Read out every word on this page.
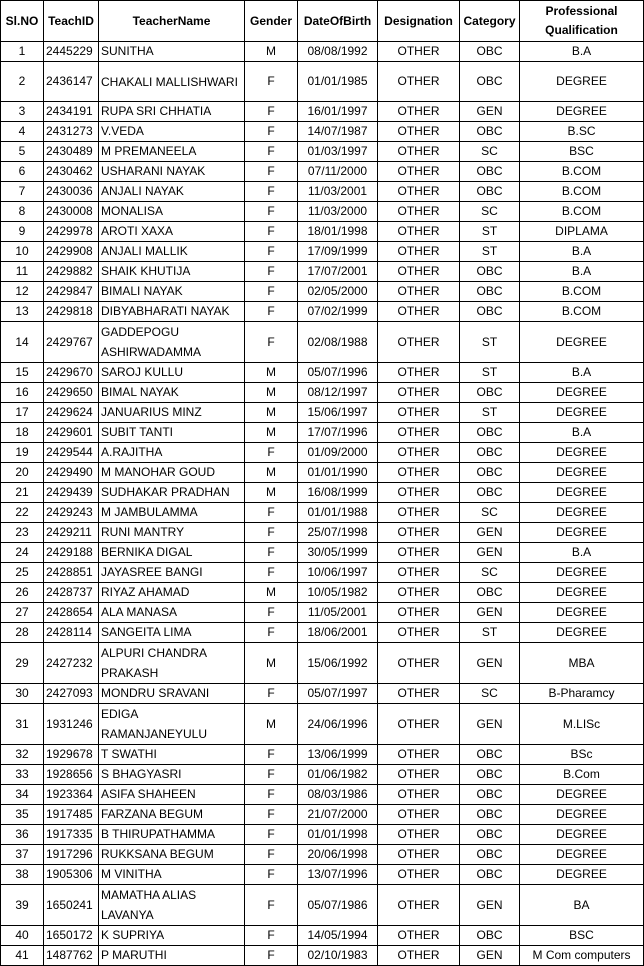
Sl.NO	TeachID	TeacherName	Gender	DateOfBirth	Designation	Category	Professional Qualification
1	2445229	SUNITHA	M	08/08/1992	OTHER	OBC	B.A
2	2436147	CHAKALI MALLISHWARI	F	01/01/1985	OTHER	OBC	DEGREE
3	2434191	RUPA SRI CHHATIA	F	16/01/1997	OTHER	GEN	DEGREE
4	2431273	V.VEDA	F	14/07/1987	OTHER	OBC	B.SC
5	2430489	M PREMANEELA	F	01/03/1997	OTHER	SC	BSC
6	2430462	USHARANI NAYAK	F	07/11/2000	OTHER	OBC	B.COM
7	2430036	ANJALI NAYAK	F	11/03/2001	OTHER	OBC	B.COM
8	2430008	MONALISA	F	11/03/2000	OTHER	SC	B.COM
9	2429978	AROTI XAXA	F	18/01/1998	OTHER	ST	DIPLAMA
10	2429908	ANJALI MALLIK	F	17/09/1999	OTHER	ST	B.A
11	2429882	SHAIK KHUTIJA	F	17/07/2001	OTHER	OBC	B.A
12	2429847	BIMALI NAYAK	F	02/05/2000	OTHER	OBC	B.COM
13	2429818	DIBYABHARATI NAYAK	F	07/02/1999	OTHER	OBC	B.COM
14	2429767	GADDEPOGU ASHIRWADAMMA	F	02/08/1988	OTHER	ST	DEGREE
15	2429670	SAROJ KULLU	M	05/07/1996	OTHER	ST	B.A
16	2429650	BIMAL NAYAK	M	08/12/1997	OTHER	OBC	DEGREE
17	2429624	JANUARIUS MINZ	M	15/06/1997	OTHER	ST	DEGREE
18	2429601	SUBIT TANTI	M	17/07/1996	OTHER	OBC	B.A
19	2429544	A.RAJITHA	F	01/09/2000	OTHER	OBC	DEGREE
20	2429490	M MANOHAR GOUD	M	01/01/1990	OTHER	OBC	DEGREE
21	2429439	SUDHAKAR PRADHAN	M	16/08/1999	OTHER	OBC	DEGREE
22	2429243	M JAMBULAMMA	F	01/01/1988	OTHER	SC	DEGREE
23	2429211	RUNI MANTRY	F	25/07/1998	OTHER	GEN	DEGREE
24	2429188	BERNIKA DIGAL	F	30/05/1999	OTHER	GEN	B.A
25	2428851	JAYASREE BANGI	F	10/06/1997	OTHER	SC	DEGREE
26	2428737	RIYAZ AHAMAD	M	10/05/1982	OTHER	OBC	DEGREE
27	2428654	ALA MANASA	F	11/05/2001	OTHER	GEN	DEGREE
28	2428114	SANGEITA LIMA	F	18/06/2001	OTHER	ST	DEGREE
29	2427232	ALPURI CHANDRA PRAKASH	M	15/06/1992	OTHER	GEN	MBA
30	2427093	MONDRU SRAVANI	F	05/07/1997	OTHER	SC	B-Pharamcy
31	1931246	EDIGA RAMANJANEYULU	M	24/06/1996	OTHER	GEN	M.LISc
32	1929678	T SWATHI	F	13/06/1999	OTHER	OBC	BSc
33	1928656	S BHAGYASRI	F	01/06/1982	OTHER	OBC	B.Com
34	1923364	ASIFA SHAHEEN	F	08/03/1986	OTHER	OBC	DEGREE
35	1917485	FARZANA BEGUM	F	21/07/2000	OTHER	OBC	DEGREE
36	1917335	B THIRUPATHAMMA	F	01/01/1998	OTHER	OBC	DEGREE
37	1917296	RUKKSANA BEGUM	F	20/06/1998	OTHER	OBC	DEGREE
38	1905306	M VINITHA	F	13/07/1996	OTHER	OBC	DEGREE
39	1650241	MAMATHA ALIAS LAVANYA	F	05/07/1986	OTHER	GEN	BA
40	1650172	K SUPRIYA	F	14/05/1994	OTHER	OBC	BSC
41	1487762	P MARUTHI	F	02/10/1983	OTHER	GEN	M Com computers
